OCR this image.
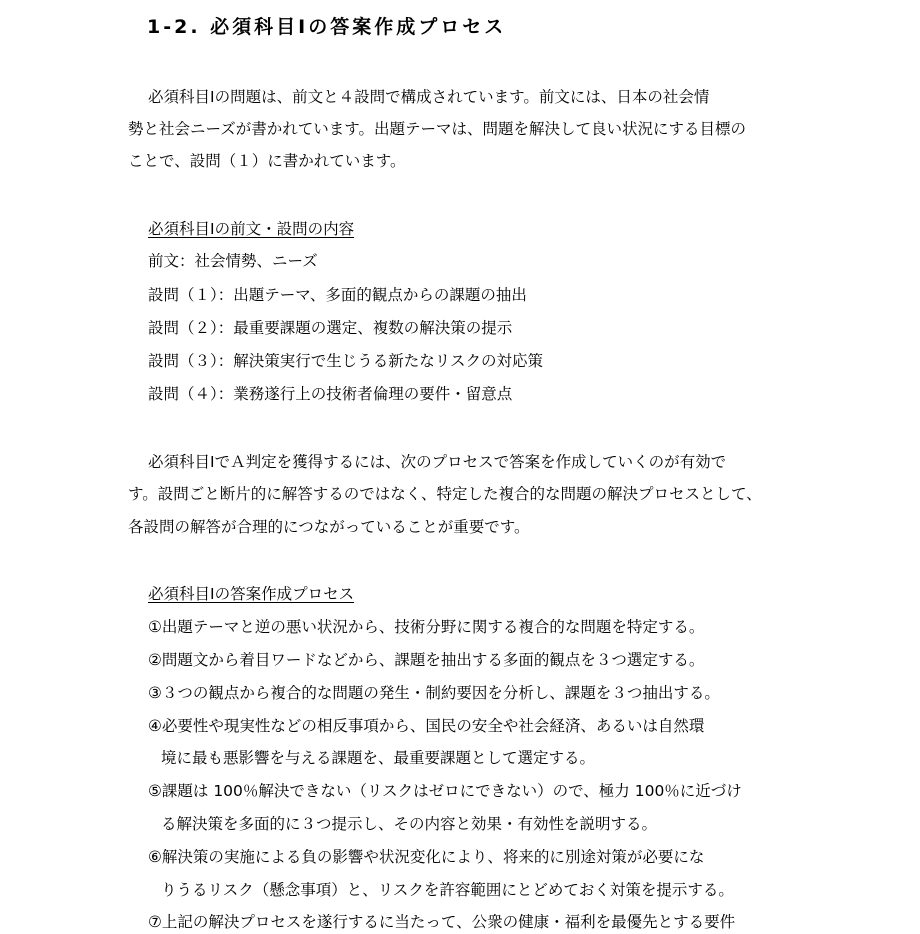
1-2. 必須科目Ⅰの答案作成プロセス
必須科目Ⅰの問題は、前文と４設問で構成されています。前文には、日本の社会情
勢と社会ニーズが書かれています。出題テーマは、問題を解決して良い状況にする目標の
ことで、設問（１）に書かれています。
必須科目Ⅰの前文・設問の内容
前文：社会情勢、ニーズ
設問（１）：出題テーマ、多面的観点からの課題の抽出
設問（２）：最重要課題の選定、複数の解決策の提示
設問（３）：解決策実行で生じうる新たなリスクの対応策
設問（４）：業務遂行上の技術者倫理の要件・留意点
必須科目ⅠでＡ判定を獲得するには、次のプロセスで答案を作成していくのが有効で
す。設問ごと断片的に解答するのではなく、特定した複合的な問題の解決プロセスとして、
各設問の解答が合理的につながっていることが重要です。
必須科目Ⅰの答案作成プロセス
①出題テーマと逆の悪い状況から、技術分野に関する複合的な問題を特定する。
②問題文から着目ワードなどから、課題を抽出する多面的観点を３つ選定する。
③３つの観点から複合的な問題の発生・制約要因を分析し、課題を３つ抽出する。
④必要性や現実性などの相反事項から、国民の安全や社会経済、あるいは自然環
境に最も悪影響を与える課題を、最重要課題として選定する。
⑤課題は 100％解決できない（リスクはゼロにできない）ので、極力 100％に近づけ
る解決策を多面的に３つ提示し、その内容と効果・有効性を説明する。
⑥解決策の実施による負の影響や状況変化により、将来的に別途対策が必要にな
りうるリスク（懸念事項）と、リスクを許容範囲にとどめておく対策を提示する。
⑦上記の解決プロセスを遂行するに当たって、公衆の健康・福利を最優先とする要件
